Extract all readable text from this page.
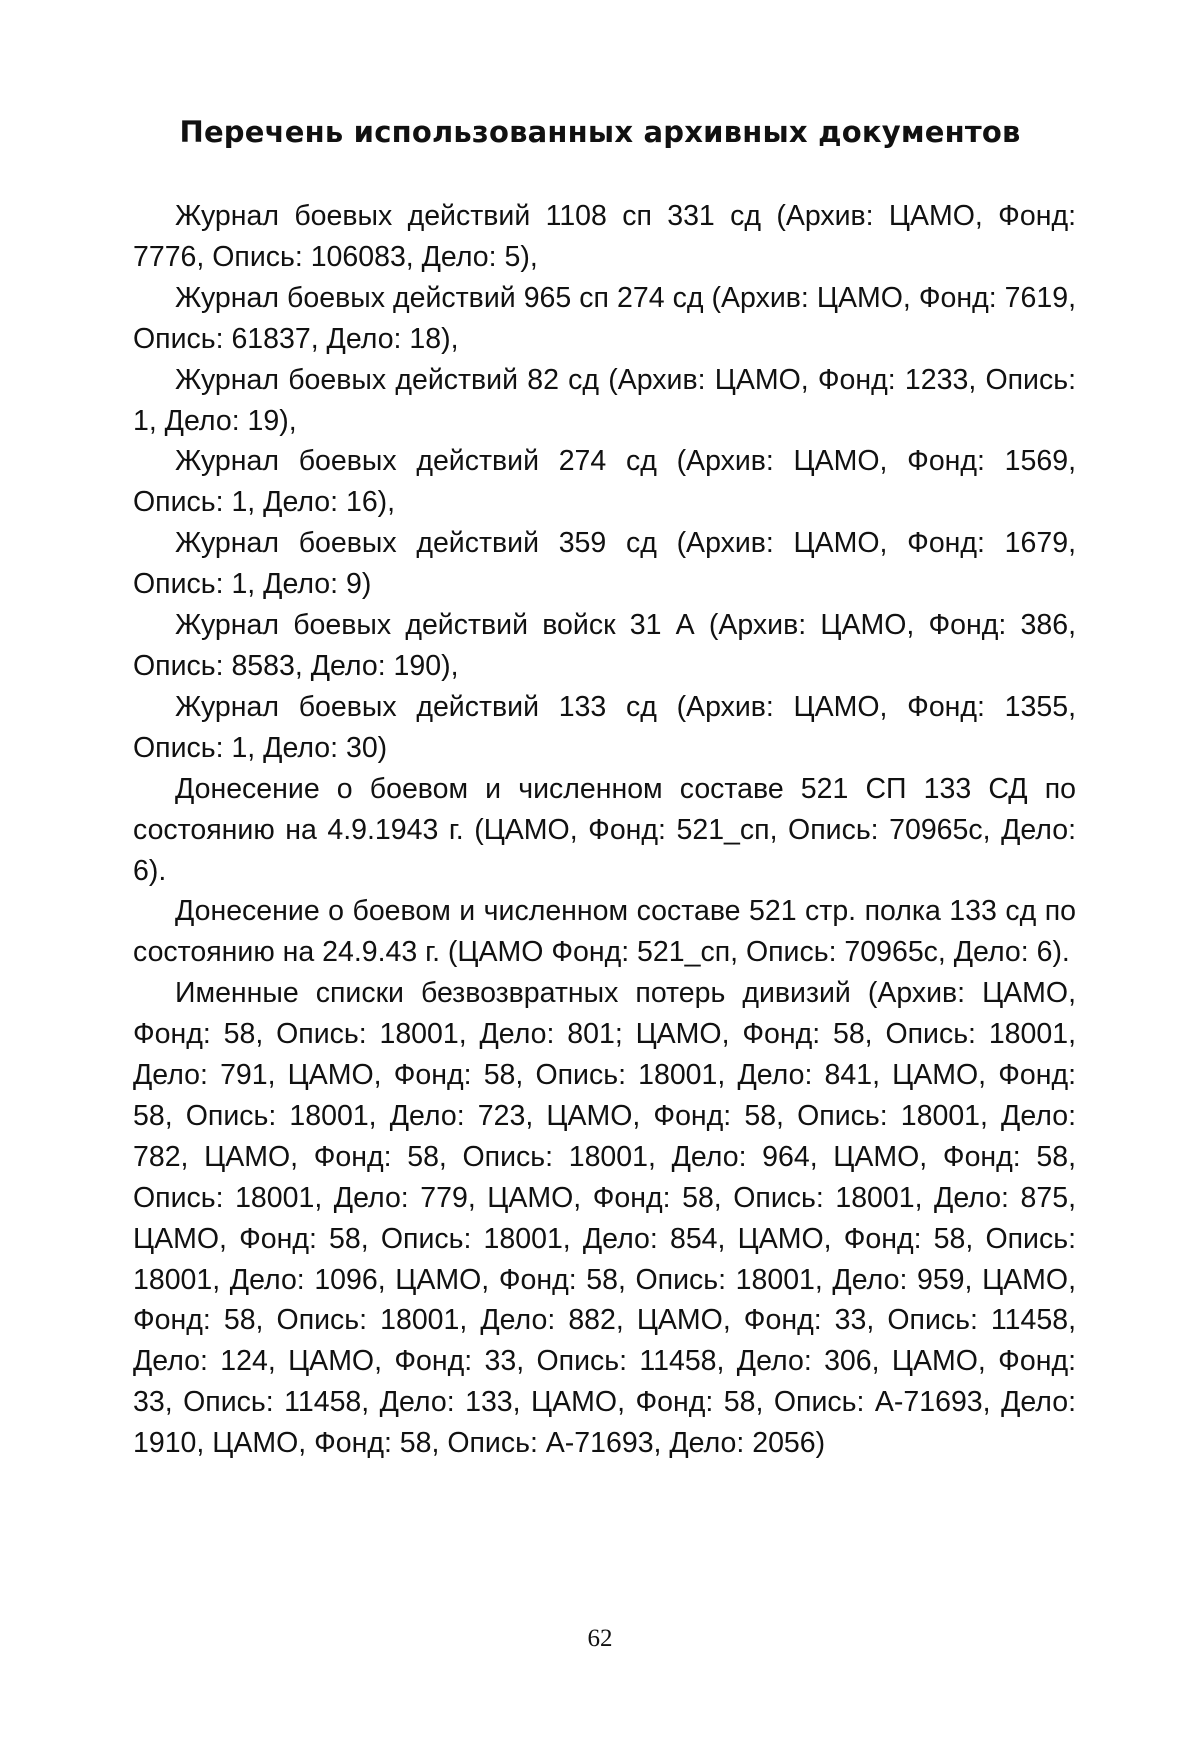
Перечень использованных архивных документов

Журнал боевых действий 1108 сп 331 сд (Архив: ЦАМО, Фонд: 7776, Опись: 106083, Дело: 5),

Журнал боевых действий 965 сп 274 сд (Архив: ЦАМО, Фонд: 7619, Опись: 61837, Дело: 18),

Журнал боевых действий 82 сд (Архив: ЦАМО, Фонд: 1233, Опись: 1, Дело: 19),

Журнал боевых действий 274 сд (Архив: ЦАМО, Фонд: 1569, Опись: 1, Дело: 16),

Журнал боевых действий 359 сд (Архив: ЦАМО, Фонд: 1679, Опись: 1, Дело: 9)

Журнал боевых действий войск 31 А (Архив: ЦАМО, Фонд: 386, Опись: 8583, Дело: 190),

Журнал боевых действий 133 сд (Архив: ЦАМО, Фонд: 1355, Опись: 1, Дело: 30)

Донесение о боевом и численном составе 521 СП 133 СД по состоянию на 4.9.1943 г. (ЦАМО, Фонд: 521_сп, Опись: 70965с, Дело: 6).

Донесение о боевом и численном составе 521 стр. полка 133 сд по состоянию на 24.9.43 г. (ЦАМО Фонд: 521_сп, Опись: 70965с, Дело: 6).

Именные списки безвозвратных потерь дивизий (Архив: ЦАМО, Фонд: 58, Опись: 18001, Дело: 801; ЦАМО, Фонд: 58, Опись: 18001, Дело: 791, ЦАМО, Фонд: 58, Опись: 18001, Дело: 841, ЦАМО, Фонд: 58, Опись: 18001, Дело: 723, ЦАМО, Фонд: 58, Опись: 18001, Дело: 782, ЦАМО, Фонд: 58, Опись: 18001, Дело: 964, ЦАМО, Фонд: 58, Опись: 18001, Дело: 779, ЦАМО, Фонд: 58, Опись: 18001, Дело: 875, ЦАМО, Фонд: 58, Опись: 18001, Дело: 854, ЦАМО, Фонд: 58, Опись: 18001, Дело: 1096, ЦАМО, Фонд: 58, Опись: 18001, Дело: 959, ЦАМО, Фонд: 58, Опись: 18001, Дело: 882, ЦАМО, Фонд: 33, Опись: 11458, Дело: 124, ЦАМО, Фонд: 33, Опись: 11458, Дело: 306, ЦАМО, Фонд: 33, Опись: 11458, Дело: 133, ЦАМО, Фонд: 58, Опись: А-71693, Дело: 1910, ЦАМО, Фонд: 58, Опись: А-71693, Дело: 2056)

62
